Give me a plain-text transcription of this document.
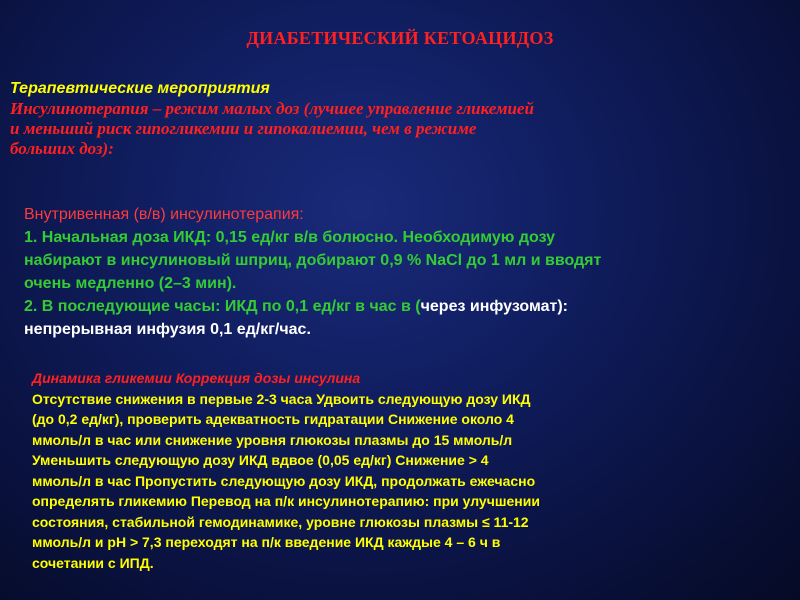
ДИАБЕТИЧЕСКИЙ КЕТОАЦИДОЗ
Терапевтические мероприятия
Инсулинотерапия – режим малых доз (лучшее управление гликемией
и меньший риск гипогликемии и гипокалиемии, чем в режиме
больших доз):
Внутривенная (в/в) инсулинотерапия:
1. Начальная доза ИКД: 0,15 ед/кг в/в болюсно. Необходимую дозу
набирают в инсулиновый шприц, добирают 0,9 % NaCl до 1 мл и вводят
очень медленно (2–3 мин).
2. В последующие часы: ИКД по 0,1 ед/кг в час в (через инфузомат):
непрерывная инфузия 0,1 ед/кг/час.
Динамика гликемии Коррекция дозы инсулина
Отсутствие снижения в первые 2-3 часа Удвоить следующую дозу ИКД
(до 0,2 ед/кг), проверить адекватность гидратации Снижение около 4
ммоль/л в час или снижение уровня глюкозы плазмы до 15 ммоль/л
Уменьшить следующую дозу ИКД вдвое (0,05 ед/кг) Снижение > 4
ммоль/л в час Пропустить следующую дозу ИКД, продолжать ежечасно
определять гликемию Перевод на п/к инсулинотерапию: при улучшении
состояния, стабильной гемодинамике, уровне глюкозы плазмы ≤ 11-12
ммоль/л и рН > 7,3 переходят на п/к введение ИКД каждые 4 – 6 ч в
сочетании с ИПД.
